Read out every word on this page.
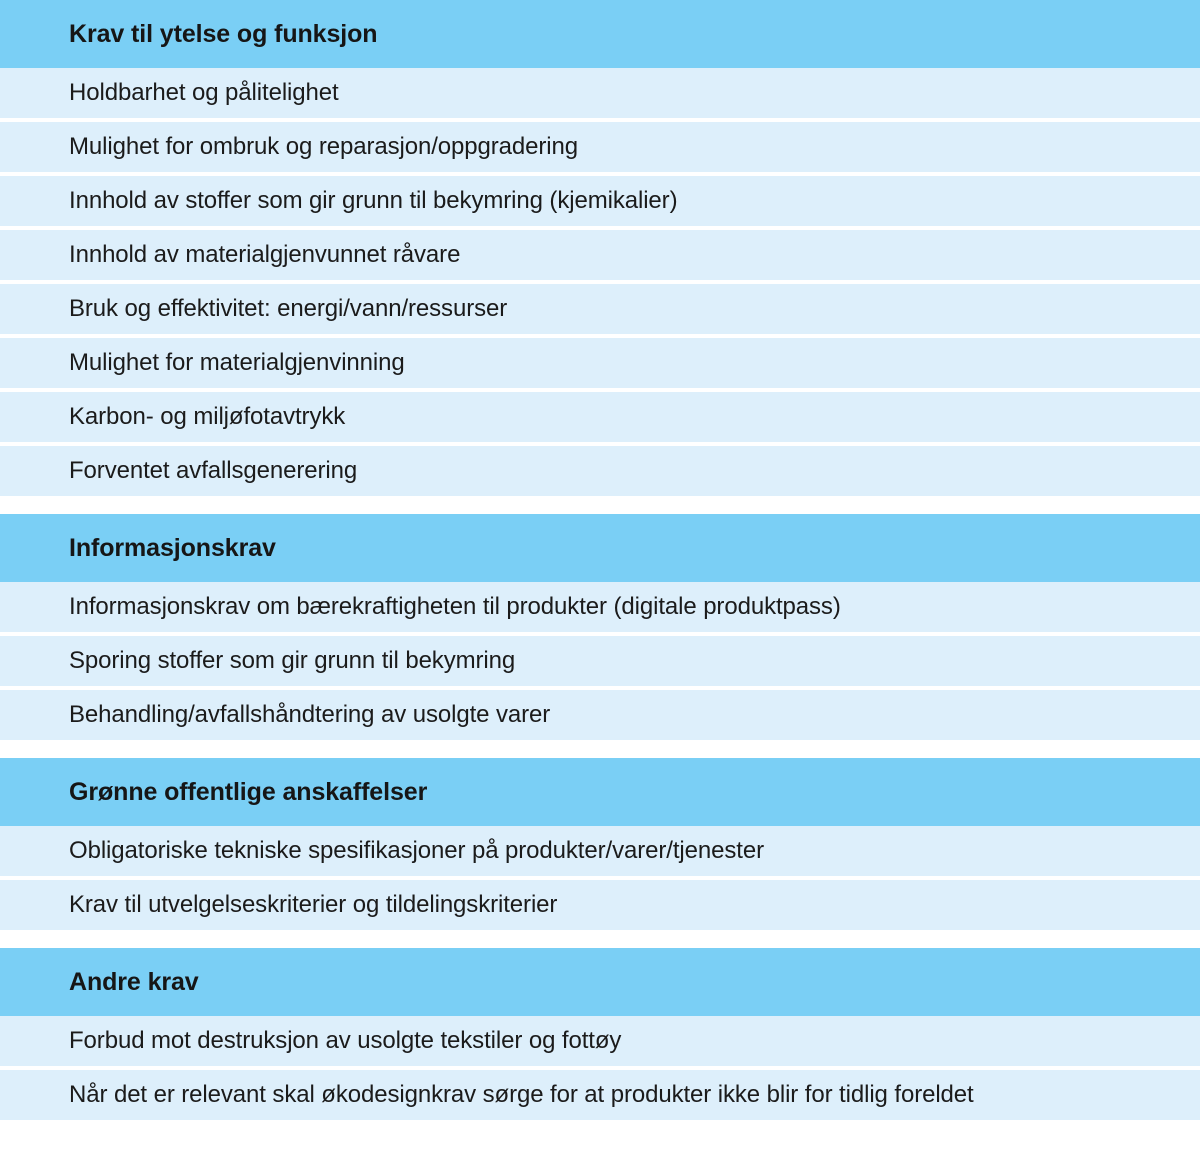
Krav til ytelse og funksjon
Holdbarhet og pålitelighet
Mulighet for ombruk og reparasjon/oppgradering
Innhold av stoffer som gir grunn til bekymring (kjemikalier)
Innhold av materialgjenvunnet råvare
Bruk og effektivitet: energi/vann/ressurser
Mulighet for materialgjenvinning
Karbon- og miljøfotavtrykk
Forventet avfallsgenerering
Informasjonskrav
Informasjonskrav om bærekraftigheten til produkter (digitale produktpass)
Sporing stoffer som gir grunn til bekymring
Behandling/avfallshåndtering av usolgte varer
Grønne offentlige anskaffelser
Obligatoriske tekniske spesifikasjoner på produkter/varer/tjenester
Krav til utvelgelseskriterier og tildelingskriterier
Andre krav
Forbud mot destruksjon av usolgte tekstiler og fottøy
Når det er relevant skal økodesignkrav sørge for at produkter ikke blir for tidlig foreldet
